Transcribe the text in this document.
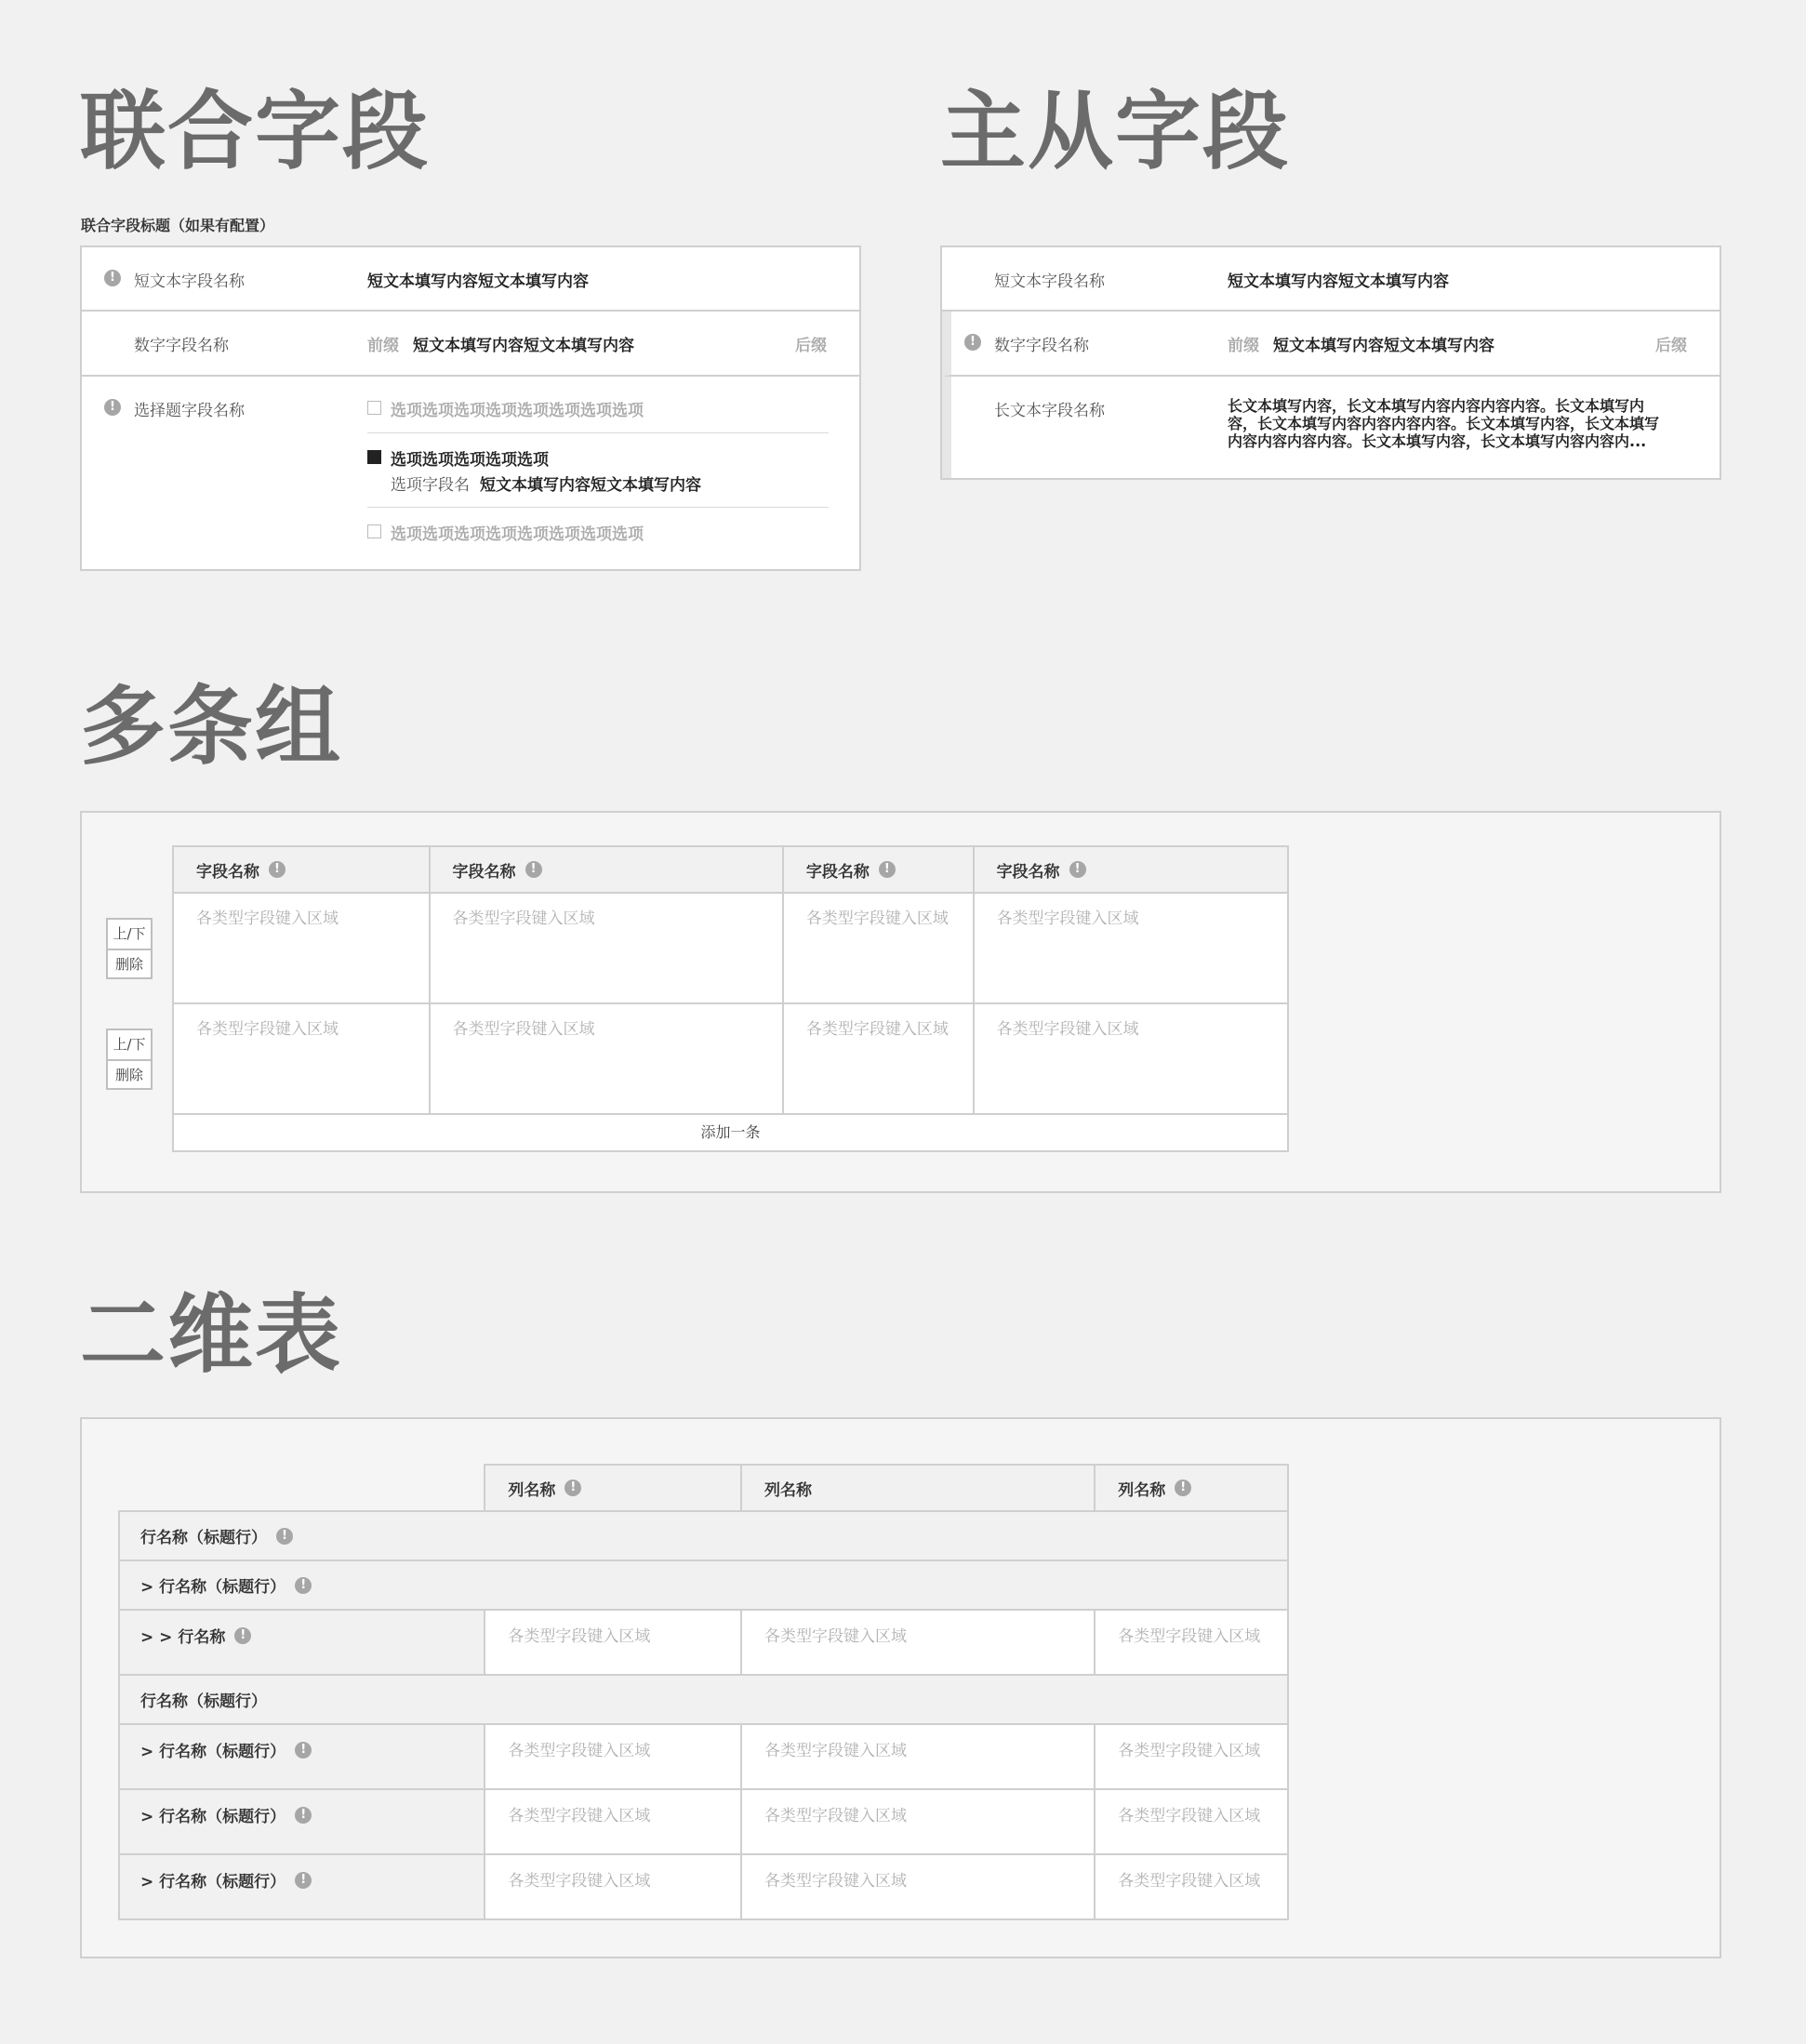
联合字段
联合字段标题（如果有配置）
!	短文本字段名称	短文本填写内容短文本填写内容
数字字段名称	前缀 短文本填写内容短文本填写内容	后缀
!	选择题字段名称	选项选项选项选项选项选项选项选项
选项选项选项选项选项
选项字段名 短文本填写内容短文本填写内容
选项选项选项选项选项选项选项选项
主从字段
短文本字段名称	短文本填写内容短文本填写内容
!	数字字段名称	前缀 短文本填写内容短文本填写内容	后缀
长文本字段名称	长文本填写内容，长文本填写内容内容内容内容。长文本填写内
容，长文本填写内容内容内容内容。长文本填写内容，长文本填写
内容内容内容内容。长文本填写内容，长文本填写内容内容内...
多条组
上/下
删除
上/下
删除
字段名称 !	字段名称 !	字段名称 !	字段名称 !

各类型字段键入区域	各类型字段键入区域	各类型字段键入区域	各类型字段键入区域
各类型字段键入区域	各类型字段键入区域	各类型字段键入区域	各类型字段键入区域
添加一条
二维表

	列名称 !	列名称	列名称 !

行名称（标题行） !			

> 行名称（标题行） !			

> > 行名称 !	各类型字段键入区域	各类型字段键入区域	各类型字段键入区域
行名称（标题行）			

> 行名称（标题行） !	各类型字段键入区域	各类型字段键入区域	各类型字段键入区域

> 行名称（标题行） !	各类型字段键入区域	各类型字段键入区域	各类型字段键入区域

> 行名称（标题行） !	各类型字段键入区域	各类型字段键入区域	各类型字段键入区域
